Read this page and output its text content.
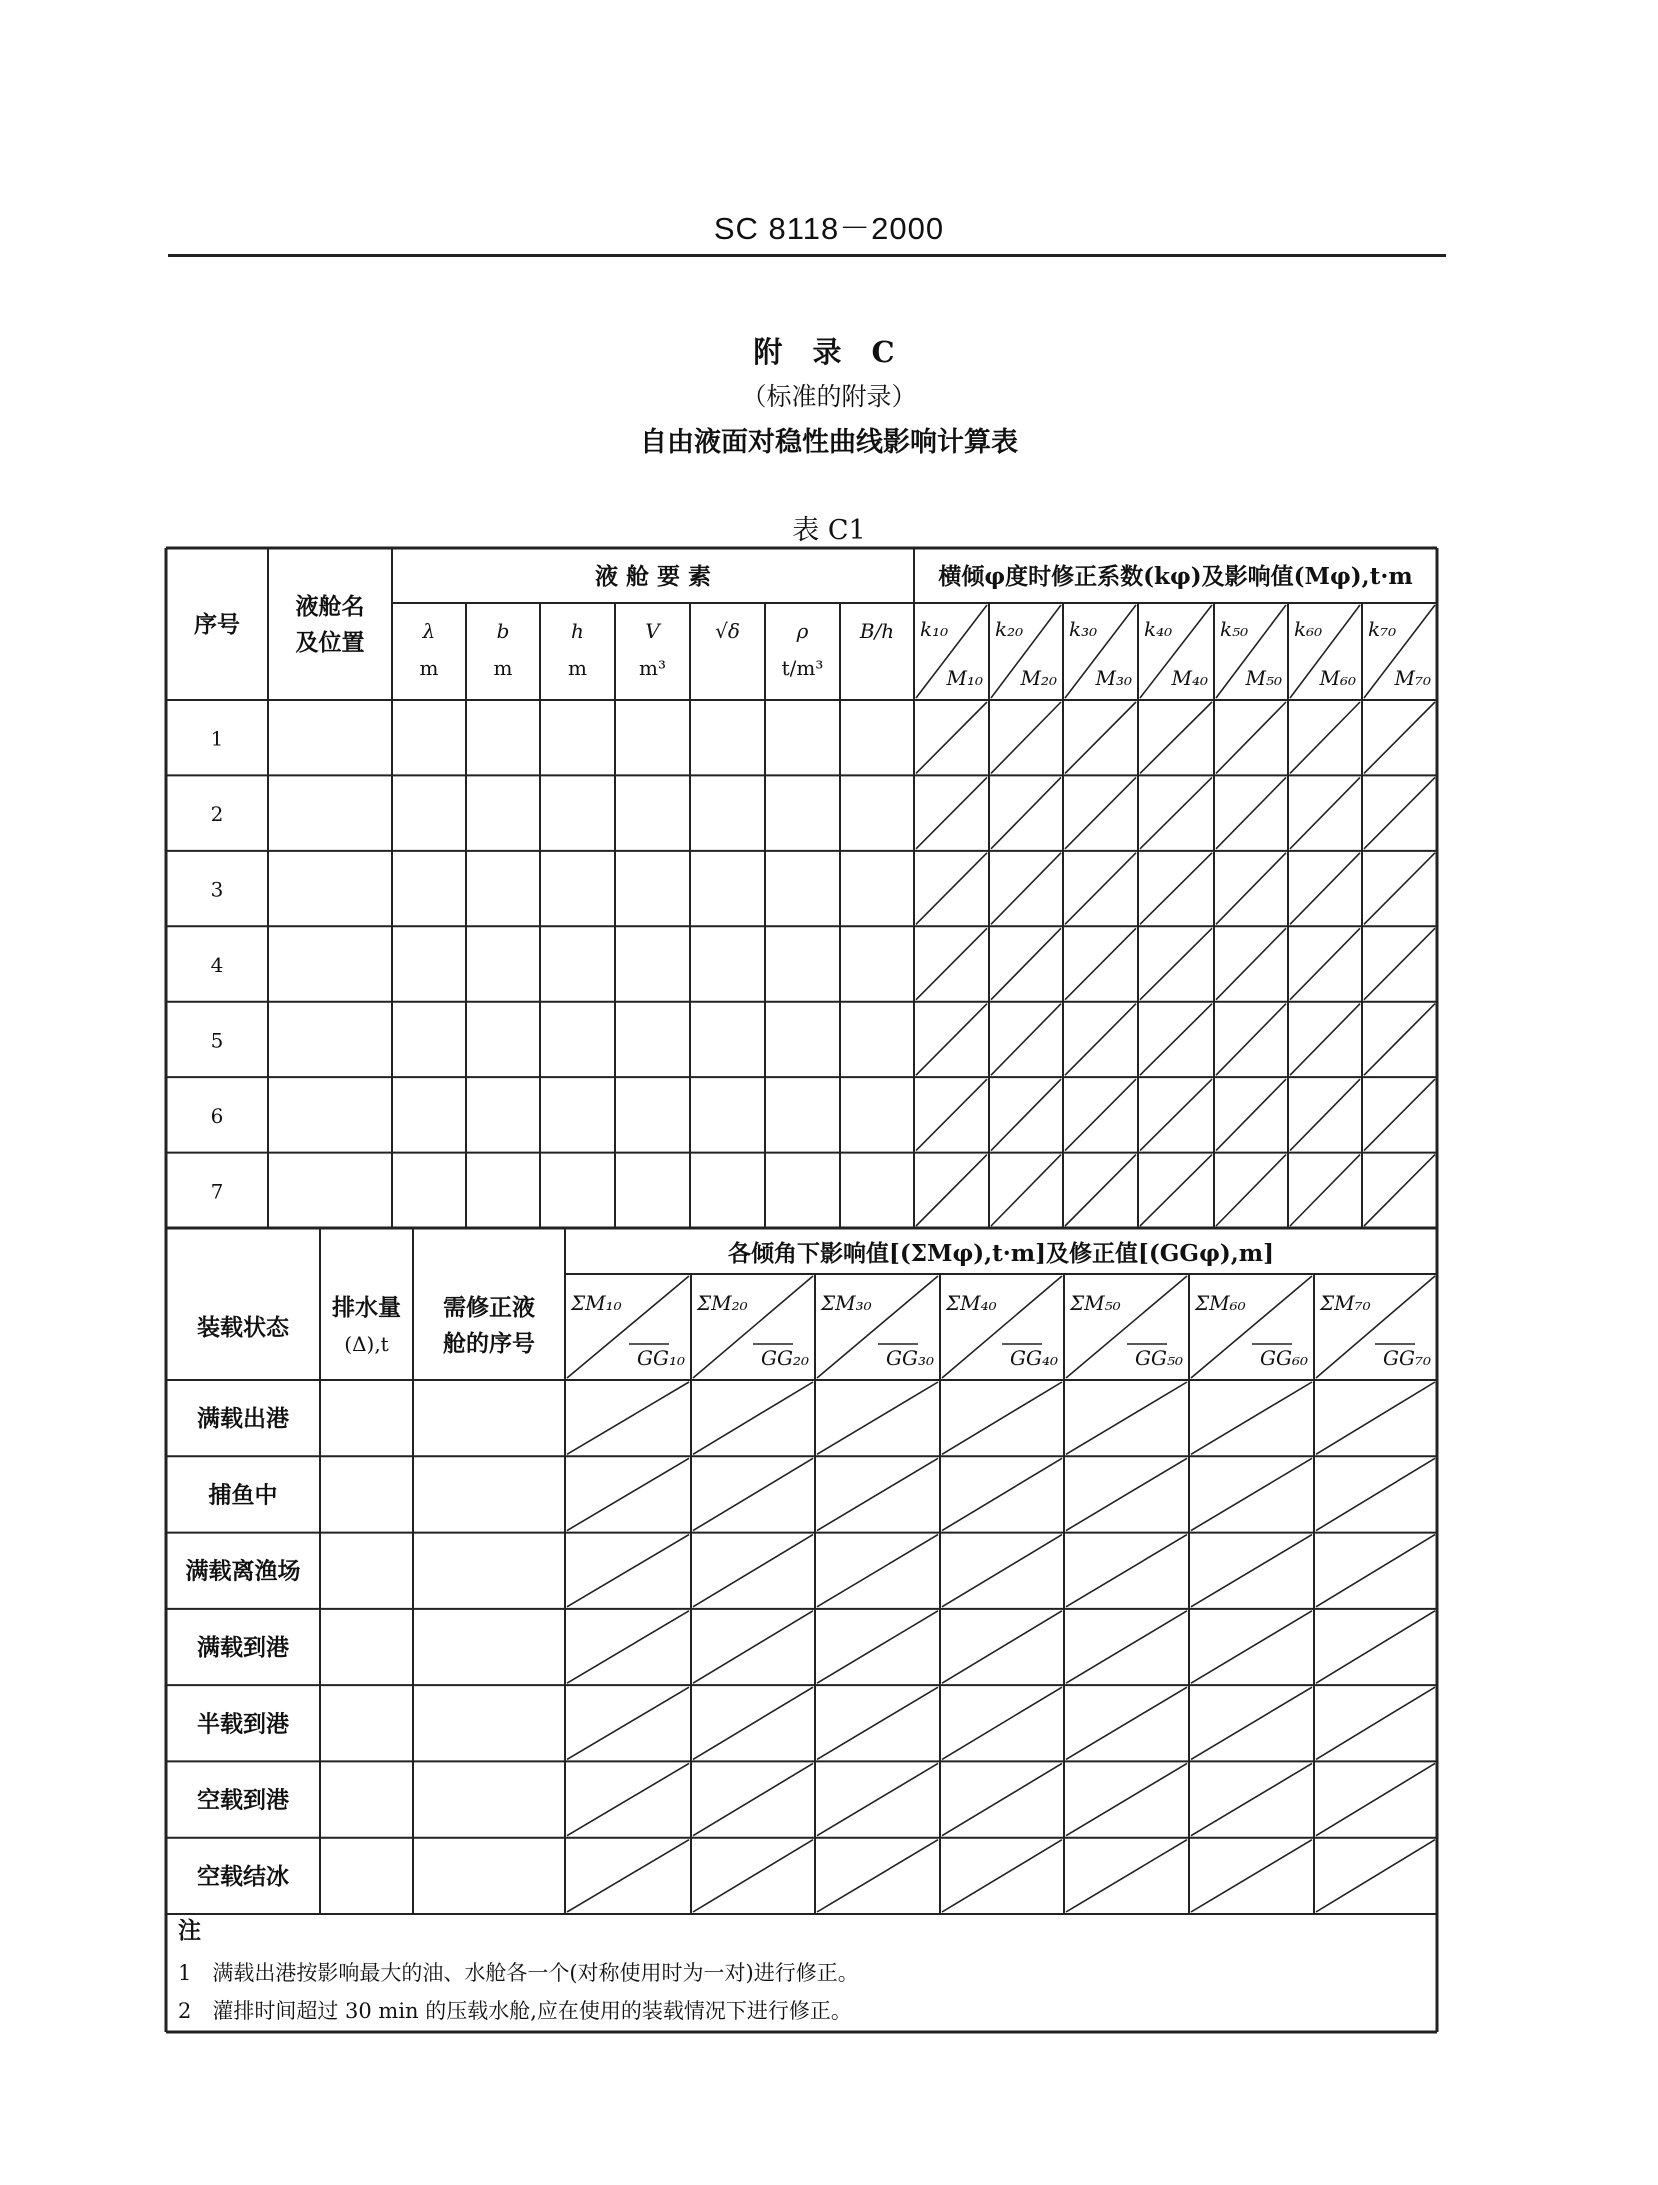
SC 8118－2000
附 录 C
（标准的附录）
自由液面对稳性曲线影响计算表
表 C1
序号
液舱名
及位置
液 舱 要 素	横倾φ度时修正系数(kφ)及影响值(Mφ),t·m
λ
m
b
m
h
m
V
m³
√δ	ρ
t/m³
B/h k₁₀
M₁₀
k₂₀
M₂₀
k₃₀
M₃₀
k₄₀
M₄₀
k₅₀
M₅₀
k₆₀
M₆₀
k₇₀
M₇₀
1
2
3
4
5
6
7
装载状态
排水量
(Δ),t
需修正液
舱的序号
各倾角下影响值[(ΣMφ),t·m]及修正值[(GGφ),m]
ΣM₁₀
GG₁₀
ΣM₂₀
GG₂₀
ΣM₃₀
GG₃₀
ΣM₄₀
GG₄₀
ΣM₅₀
GG₅₀
ΣM₆₀
GG₆₀
ΣM₇₀
GG₇₀
满载出港
捕鱼中
满载离渔场
满载到港
半载到港
空载到港
空载结冰
注
1　满载出港按影响最大的油、水舱各一个(对称使用时为一对)进行修正。
2　灌排时间超过 30 min 的压载水舱,应在使用的装载情况下进行修正。
